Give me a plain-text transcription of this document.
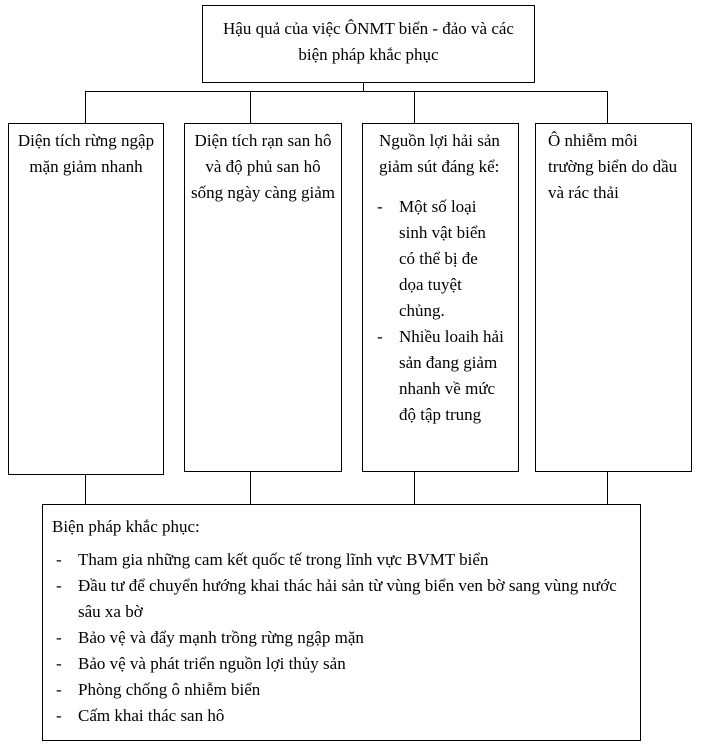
Hậu quả của việc ÔNMT biển - đảo và các biện pháp khắc phục
Diện tích rừng ngập mặn giảm nhanh
Diện tích rạn san hô và độ phủ san hô sống ngày càng giảm
Nguồn lợi hải sản giảm sút đáng kể:
- Một số loại sinh vật biển có thể bị đe dọa tuyệt chủng.
- Nhiều loaih hải sản đang giảm nhanh về mức độ tập trung
Ô nhiễm môi trường biển do dầu và rác thải
Biện pháp khắc phục:
- Tham gia những cam kết quốc tế trong lĩnh vực BVMT biển
- Đầu tư để chuyển hướng khai thác hải sản từ vùng biển ven bờ sang vùng nước sâu xa bờ
- Bảo vệ và đẩy mạnh trồng rừng ngập mặn
- Bảo vệ và phát triển nguồn lợi thủy sản
- Phòng chống ô nhiễm biển
- Cấm khai thác san hô
